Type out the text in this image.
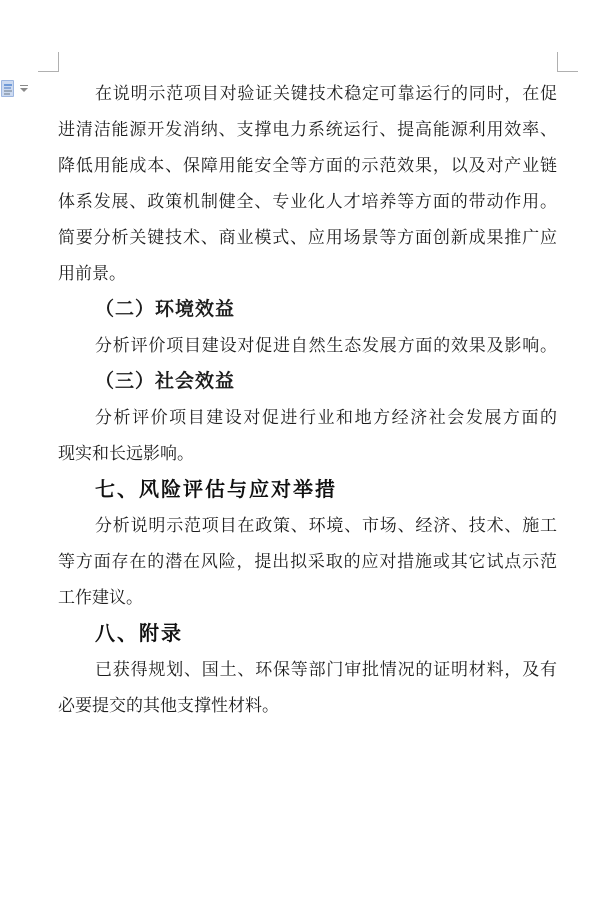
在说明示范项目对验证关键技术稳定可靠运行的同时，在促
进清洁能源开发消纳、支撑电力系统运行、提高能源利用效率、
降低用能成本、保障用能安全等方面的示范效果，以及对产业链
体系发展、政策机制健全、专业化人才培养等方面的带动作用。
简要分析关键技术、商业模式、应用场景等方面创新成果推广应
用前景。
（二）环境效益
分析评价项目建设对促进自然生态发展方面的效果及影响。
（三）社会效益
分析评价项目建设对促进行业和地方经济社会发展方面的
现实和长远影响。
七、风险评估与应对举措
分析说明示范项目在政策、环境、市场、经济、技术、施工
等方面存在的潜在风险，提出拟采取的应对措施或其它试点示范
工作建议。
八、附录
已获得规划、国土、环保等部门审批情况的证明材料，及有
必要提交的其他支撑性材料。
